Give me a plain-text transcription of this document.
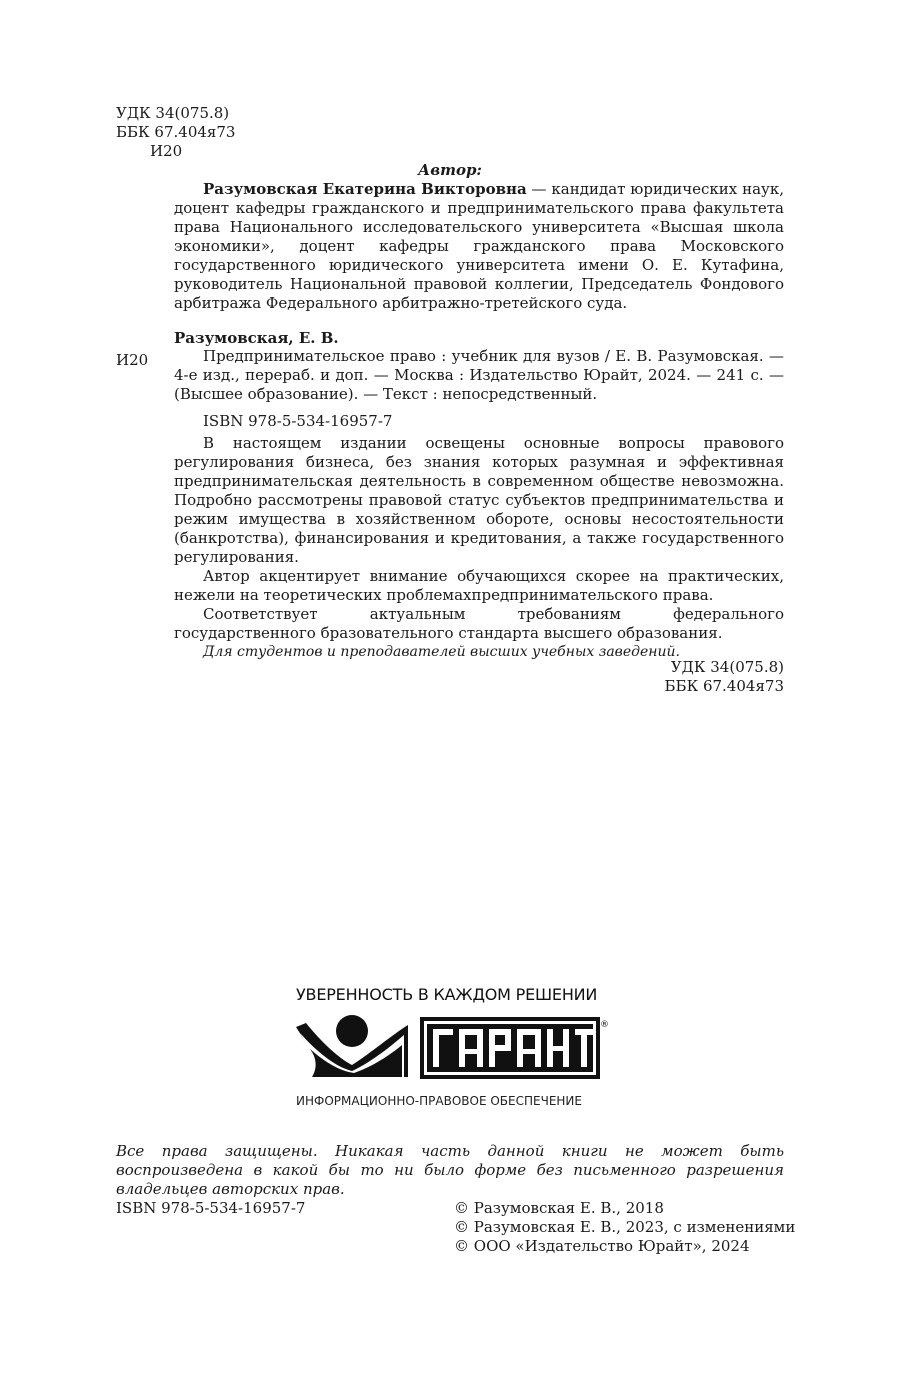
УДК 34(075.8)
ББК 67.404я73
И20
Автор:
Разумовская Екатерина Викторовна — кандидат юридических наук, доцент кафедры гражданского и предпринимательского права факультета права Национального исследовательского университета «Высшая школа экономики», доцент кафедры гражданского права Московского государственного юридического университета имени О. Е. Кутафина, руководитель Национальной правовой коллегии, Председатель Фондового арбитража Федерального арбитражно-третейского суда.
Разумовская, Е. В.
И20	Предпринимательское право : учебник для вузов / Е. В. Разумовская. — 4-е изд., перераб. и доп. — Москва : Издательство Юрайт, 2024. — 241 с. — (Высшее образование). — Текст : непосредственный.
ISBN 978-5-534-16957-7

В настоящем издании освещены основные вопросы правового регулирования бизнеса, без знания которых разумная и эффективная предпринимательская деятельность в современном обществе невозможна. Подробно рассмотрены правовой статус субъектов предпринимательства и режим имущества в хозяйственном обороте, основы несостоятельности (банкротства), финансирования и кредитования, а также государственного регулирования.

Автор акцентирует внимание обучающихся скорее на практических, нежели на теоретических проблемахпредпринимательского права.

Соответствует актуальным требованиям федерального государственного бразовательного стандарта высшего образования.

Для студентов и преподавателей высших учебных заведений.

УДК 34(075.8)
ББК 67.404я73
УВЕРЕННОСТЬ В КАЖДОМ РЕШЕНИИ
®
ИНФОРМАЦИОННО-ПРАВОВОЕ ОБЕСПЕЧЕНИЕ
Все права защищены. Никакая часть данной книги не может быть воспроизведена в какой бы то ни было форме без письменного разрешения владельцев авторских прав.
ISBN 978-5-534-16957-7	© Разумовская Е. В., 2018
© Разумовская Е. В., 2023, с изменениями
© ООО «Издательство Юрайт», 2024
